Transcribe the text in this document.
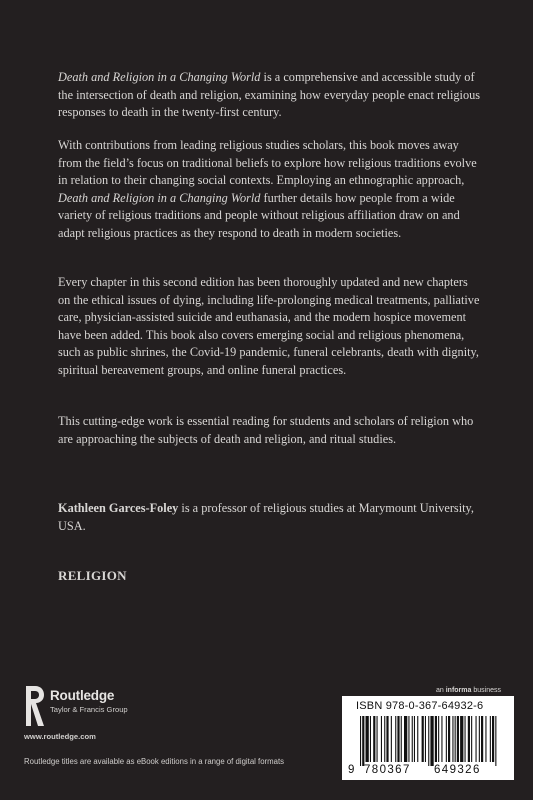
Death and Religion in a Changing World is a comprehensive and accessible study of the intersection of death and religion, examining how everyday people enact religious responses to death in the twenty-first century.

With contributions from leading religious studies scholars, this book moves away from the field’s focus on traditional beliefs to explore how religious traditions evolve in relation to their changing social contexts. Employing an ethnographic approach, Death and Religion in a Changing World further details how people from a wide variety of religious traditions and people without religious affiliation draw on and adapt religious practices as they respond to death in modern societies.

Every chapter in this second edition has been thoroughly updated and new chapters on the ethical issues of dying, including life-prolonging medical treatments, palliative care, physician-assisted suicide and euthanasia, and the modern hospice movement have been added. This book also covers emerging social and religious phenomena, such as public shrines, the Covid-19 pandemic, funeral celebrants, death with dignity, spiritual bereavement groups, and online funeral practices.

This cutting-edge work is essential reading for students and scholars of religion who are approaching the subjects of death and religion, and ritual studies.

Kathleen Garces-Foley is a professor of religious studies at Marymount University, USA.

RELIGION

Routledge
Taylor & Francis Group
www.routledge.com
Routledge titles are available as eBook editions in a range of digital formats
an informa business
ISBN 978-0-367-64932-6
9 780367 649326
